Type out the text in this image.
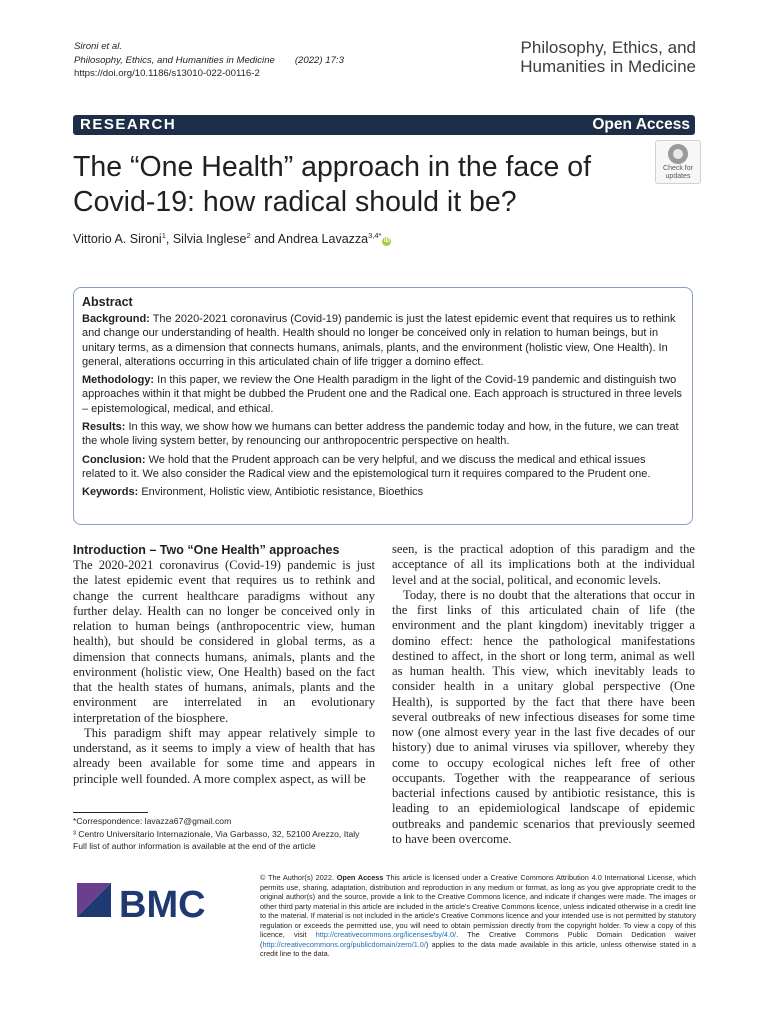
Sironi et al.
Philosophy, Ethics, and Humanities in Medicine (2022) 17:3
https://doi.org/10.1186/s13010-022-00116-2
Philosophy, Ethics, and
Humanities in Medicine
RESEARCH	Open Access
The “One Health” approach in the face of Covid-19: how radical should it be?
Check for
updates
Vittorio A. Sironi$^1$, Silvia Inglese$^2$ and Andrea Lavazza$^{3,4*}$iD
Abstract

Background: The 2020-2021 coronavirus (Covid-19) pandemic is just the latest epidemic event that requires us to rethink and change our understanding of health. Health should no longer be conceived only in relation to human beings, but in unitary terms, as a dimension that connects humans, animals, plants, and the environment (holistic view, One Health). In general, alterations occurring in this articulated chain of life trigger a domino effect.

Methodology: In this paper, we review the One Health paradigm in the light of the Covid-19 pandemic and distinguish two approaches within it that might be dubbed the Prudent one and the Radical one. Each approach is structured in three levels – epistemological, medical, and ethical.

Results: In this way, we show how we humans can better address the pandemic today and how, in the future, we can treat the whole living system better, by renouncing our anthropocentric perspective on health.

Conclusion: We hold that the Prudent approach can be very helpful, and we discuss the medical and ethical issues related to it. We also consider the Radical view and the epistemological turn it requires compared to the Prudent one.

Keywords: Environment, Holistic view, Antibiotic resistance, Bioethics

Introduction – Two “One Health” approaches

The 2020-2021 coronavirus (Covid-19) pandemic is just the latest epidemic event that requires us to rethink and change the current healthcare paradigms without any further delay. Health can no longer be conceived only in relation to human beings (anthropocentric view, human health), but should be considered in global terms, as a dimension that connects humans, animals, plants and the environment (holistic view, One Health) based on the fact that the health states of humans, animals, plants and the environment are interrelated in an evolutionary interpretation of the biosphere.

This paradigm shift may appear relatively simple to understand, as it seems to imply a view of health that has already been available for some time and appears in principle well founded. A more complex aspect, as will be

seen, is the practical adoption of this paradigm and the acceptance of all its implications both at the individual level and at the social, political, and economic levels.

Today, there is no doubt that the alterations that occur in the first links of this articulated chain of life (the environment and the plant kingdom) inevitably trigger a domino effect: hence the pathological manifestations destined to affect, in the short or long term, animal as well as human health. This view, which inevitably leads to consider health in a unitary global perspective (One Health), is supported by the fact that there have been several outbreaks of new infectious diseases for some time now (one almost every year in the last five decades of our history) due to animal viruses via spillover, whereby they come to occupy ecological niches left free of other occupants. Together with the reappearance of serious bacterial infections caused by antibiotic resistance, this is leading to an epidemiological landscape of epidemic outbreaks and pandemic scenarios that previously seemed to have been overcome.

*Correspondence: lavazza67@gmail.com
³ Centro Universitario Internazionale, Via Garbasso, 32, 52100 Arezzo, Italy
Full list of author information is available at the end of the article
BMC
© The Author(s) 2022. Open Access This article is licensed under a Creative Commons Attribution 4.0 International License, which permits use, sharing, adaptation, distribution and reproduction in any medium or format, as long as you give appropriate credit to the original author(s) and the source, provide a link to the Creative Commons licence, and indicate if changes were made. The images or other third party material in this article are included in the article's Creative Commons licence, unless indicated otherwise in a credit line to the material. If material is not included in the article's Creative Commons licence and your intended use is not permitted by statutory regulation or exceeds the permitted use, you will need to obtain permission directly from the copyright holder. To view a copy of this licence, visit http://creativecommons.org/licenses/by/4.0/. The Creative Commons Public Domain Dedication waiver (http://creativecommons.org/publicdomain/zero/1.0/) applies to the data made available in this article, unless otherwise stated in a credit line to the data.
